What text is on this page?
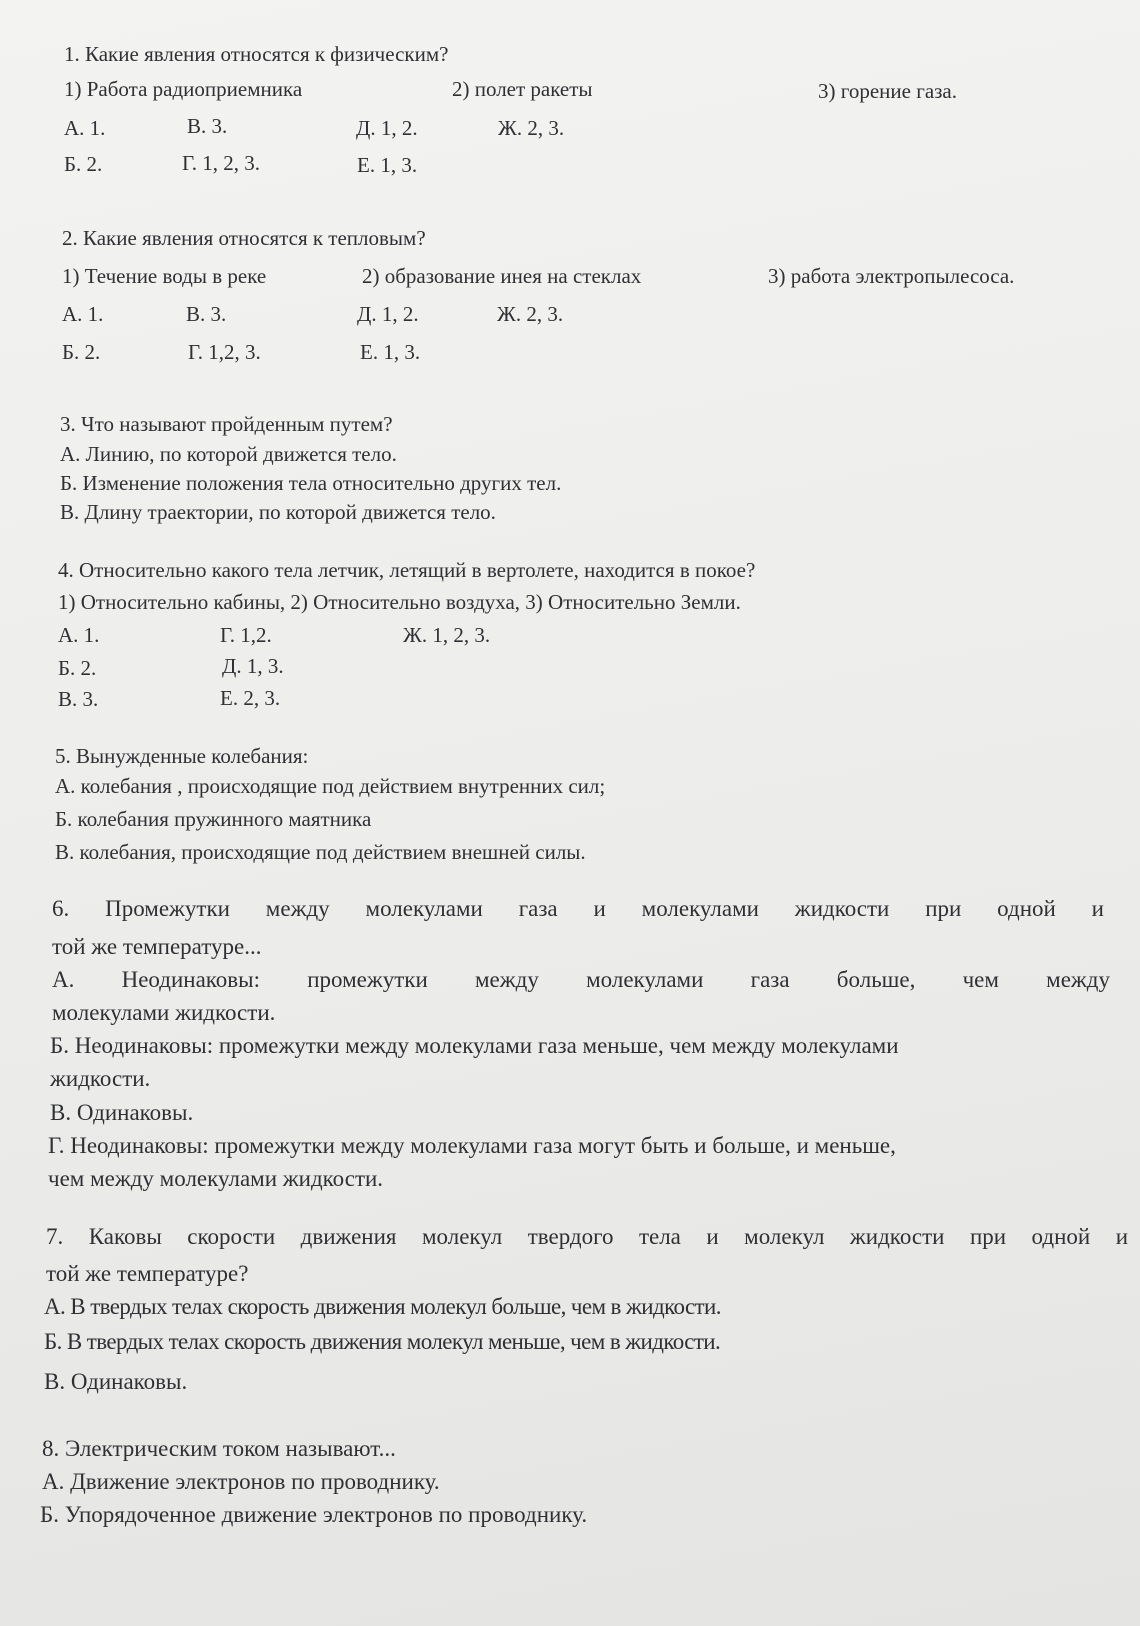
1. Какие явления относятся к физическим?
1) Работа радиоприемника	2) полет ракеты	3) горение газа.
А. 1.	В. 3.	Д. 1, 2.	Ж. 2, 3.
Б. 2.	Г. 1, 2, 3.	Е. 1, 3.
2. Какие явления относятся к тепловым?
1) Течение воды в реке	2) образование инея на стеклах	3) работа электропылесоса.
А. 1.	В. 3.	Д. 1, 2.	Ж. 2, 3.
Б. 2.	Г. 1,2, 3.	Е. 1, 3.
3. Что называют пройденным путем?
А. Линию, по которой движется тело.
Б. Изменение положения тела относительно других тел.
В. Длину траектории, по которой движется тело.
4. Относительно какого тела летчик, летящий в вертолете, находится в покое?
1) Относительно кабины, 2) Относительно воздуха, 3) Относительно Земли.
А. 1.	Г. 1,2.	Ж. 1, 2, 3.
Б. 2.	Д. 1, 3.
В. 3.	Е. 2, 3.
5. Вынужденные колебания:
А. колебания , происходящие под действием внутренних сил;
Б. колебания пружинного маятника
В. колебания, происходящие под действием внешней силы.
6. Промежутки между молекулами газа и молекулами жидкости при одной и
той же температуре...
А. Неодинаковы: промежутки между молекулами газа больше, чем между
молекулами жидкости.
Б. Неодинаковы: промежутки между молекулами газа меньше, чем между молекулами
жидкости.
В. Одинаковы.
Г. Неодинаковы: промежутки между молекулами газа могут быть и больше, и меньше,
чем между молекулами жидкости.
7. Каковы скорости движения молекул твердого тела и молекул жидкости при одной и
той же температуре?
А. В твердых телах скорость движения молекул больше, чем в жидкости.
Б. В твердых телах скорость движения молекул меньше, чем в жидкости.
В. Одинаковы.
8. Электрическим током называют...
А. Движение электронов по проводнику.
Б. Упорядоченное движение электронов по проводнику.
